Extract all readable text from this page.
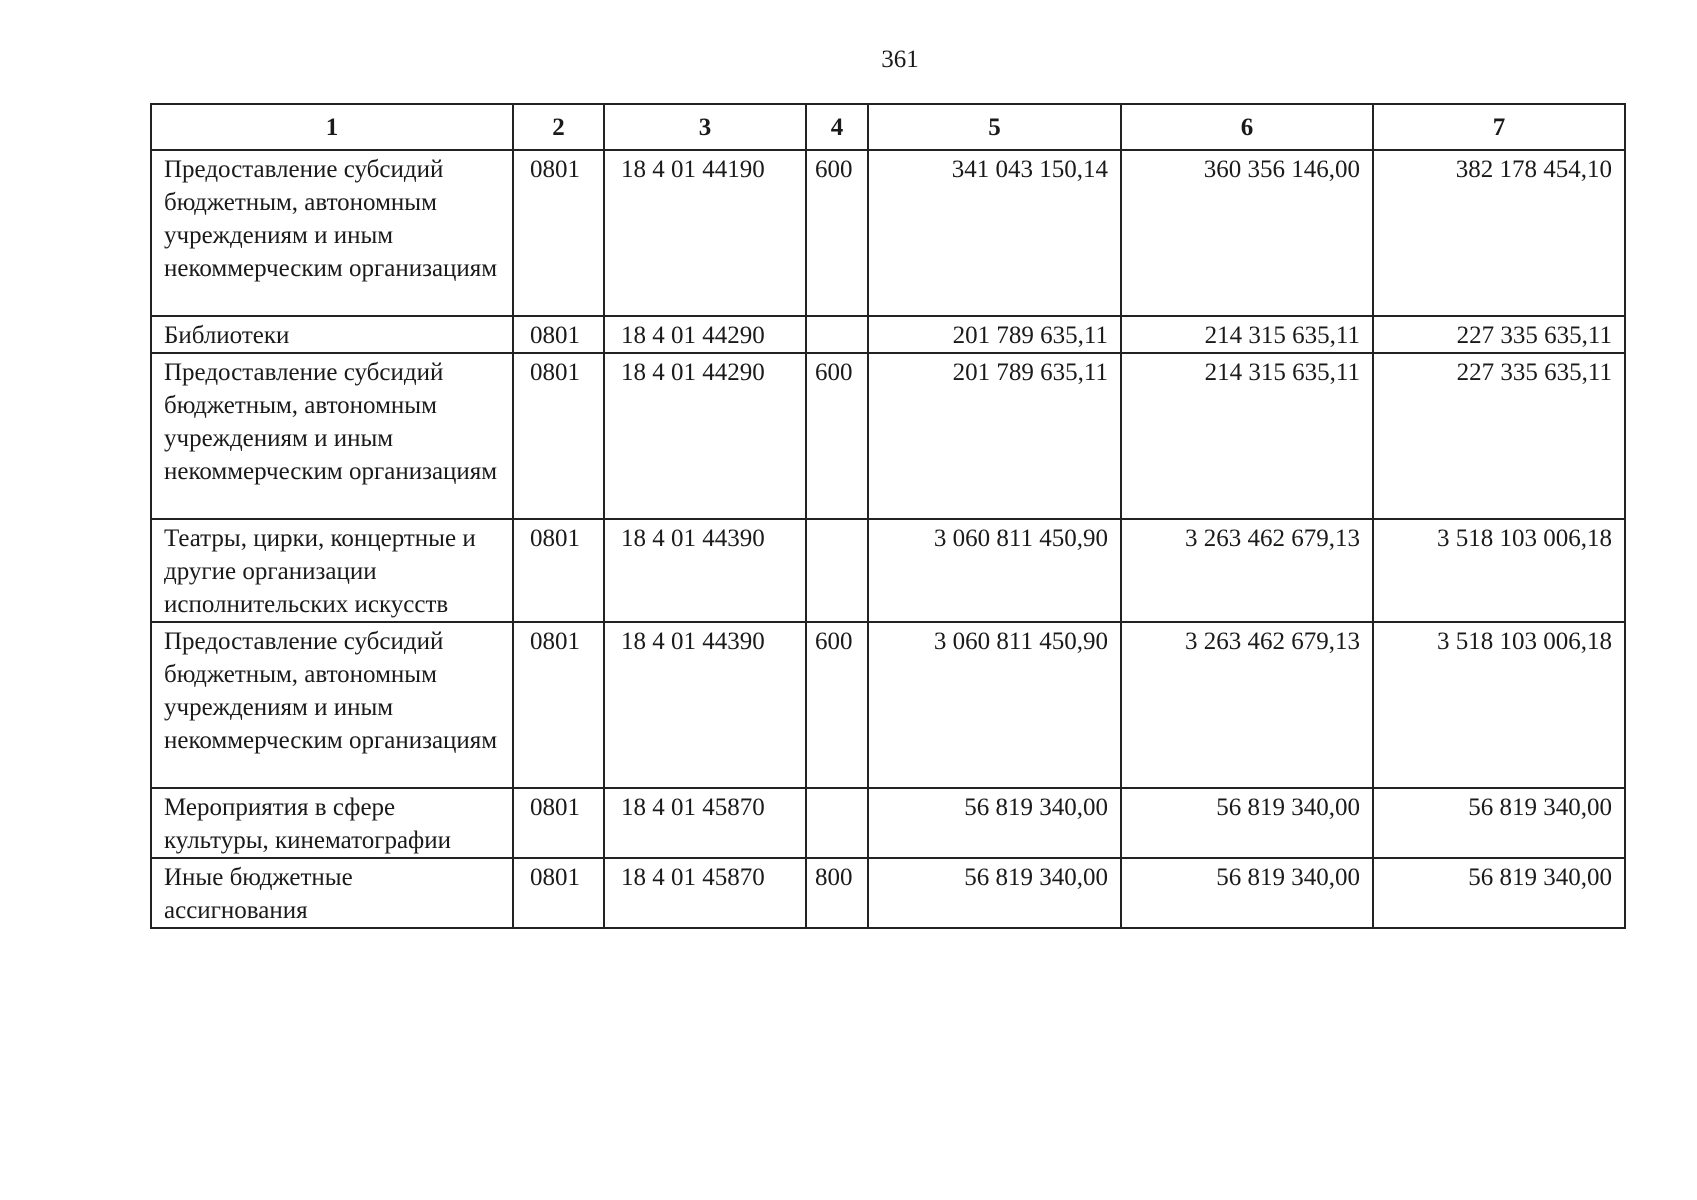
361
1	2	3	4	5	6	7
Предоставление субсидий бюджетным, автономным учреждениям и иным некоммерческим организациям	0801	18 4 01 44190	600	341 043 150,14	360 356 146,00	382 178 454,10
Библиотеки	0801	18 4 01 44290		201 789 635,11	214 315 635,11	227 335 635,11
Предоставление субсидий бюджетным, автономным учреждениям и иным некоммерческим организациям	0801	18 4 01 44290	600	201 789 635,11	214 315 635,11	227 335 635,11
Театры, цирки, концертные и другие организации исполнительских искусств	0801	18 4 01 44390		3 060 811 450,90	3 263 462 679,13	3 518 103 006,18
Предоставление субсидий бюджетным, автономным учреждениям и иным некоммерческим организациям	0801	18 4 01 44390	600	3 060 811 450,90	3 263 462 679,13	3 518 103 006,18
Мероприятия в сфере культуры, кинематографии	0801	18 4 01 45870		56 819 340,00	56 819 340,00	56 819 340,00
Иные бюджетные ассигнования	0801	18 4 01 45870	800	56 819 340,00	56 819 340,00	56 819 340,00
